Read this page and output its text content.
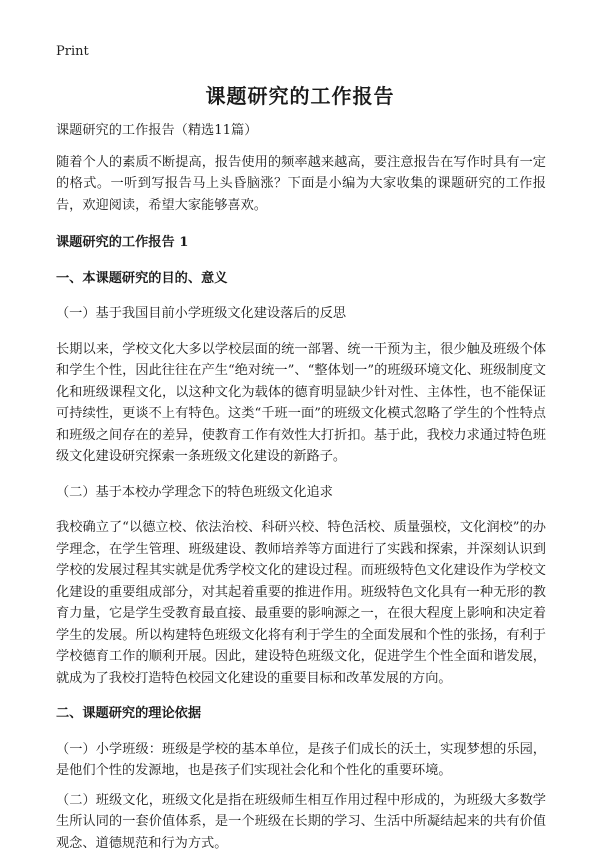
Print
课题研究的工作报告

课题研究的工作报告（精选11篇）

随着个人的素质不断提高，报告使用的频率越来越高，要注意报告在写作时具有一定的格式。一听到写报告马上头昏脑涨？下面是小编为大家收集的课题研究的工作报告，欢迎阅读，希望大家能够喜欢。

课题研究的工作报告 1

一、本课题研究的目的、意义

（一）基于我国目前小学班级文化建设落后的反思

长期以来，学校文化大多以学校层面的统一部署、统一干预为主，很少触及班级个体和学生个性，因此往往在产生“绝对统一”、“整体划一”的班级环境文化、班级制度文化和班级课程文化，以这种文化为载体的德育明显缺少针对性、主体性，也不能保证可持续性，更谈不上有特色。这类“千班一面”的班级文化模式忽略了学生的个性特点和班级之间存在的差异，使教育工作有效性大打折扣。基于此，我校力求通过特色班级文化建设研究探索一条班级文化建设的新路子。

（二）基于本校办学理念下的特色班级文化追求

我校确立了“以德立校、依法治校、科研兴校、特色活校、质量强校，文化润校”的办学理念，在学生管理、班级建设、教师培养等方面进行了实践和探索，并深刻认识到学校的发展过程其实就是优秀学校文化的建设过程。而班级特色文化建设作为学校文化建设的重要组成部分，对其起着重要的推进作用。班级特色文化具有一种无形的教育力量，它是学生受教育最直接、最重要的影响源之一，在很大程度上影响和决定着学生的发展。所以构建特色班级文化将有利于学生的全面发展和个性的张扬，有利于学校德育工作的顺利开展。因此，建设特色班级文化，促进学生个性全面和谐发展，就成为了我校打造特色校园文化建设的重要目标和改革发展的方向。

二、课题研究的理论依据

（一）小学班级：班级是学校的基本单位，是孩子们成长的沃土，实现梦想的乐园，是他们个性的发源地，也是孩子们实现社会化和个性化的重要环境。

（二）班级文化，班级文化是指在班级师生相互作用过程中形成的，为班级大多数学生所认同的一套价值体系，是一个班级在长期的学习、生活中所凝结起来的共有价值观念、道德规范和行为方式。
